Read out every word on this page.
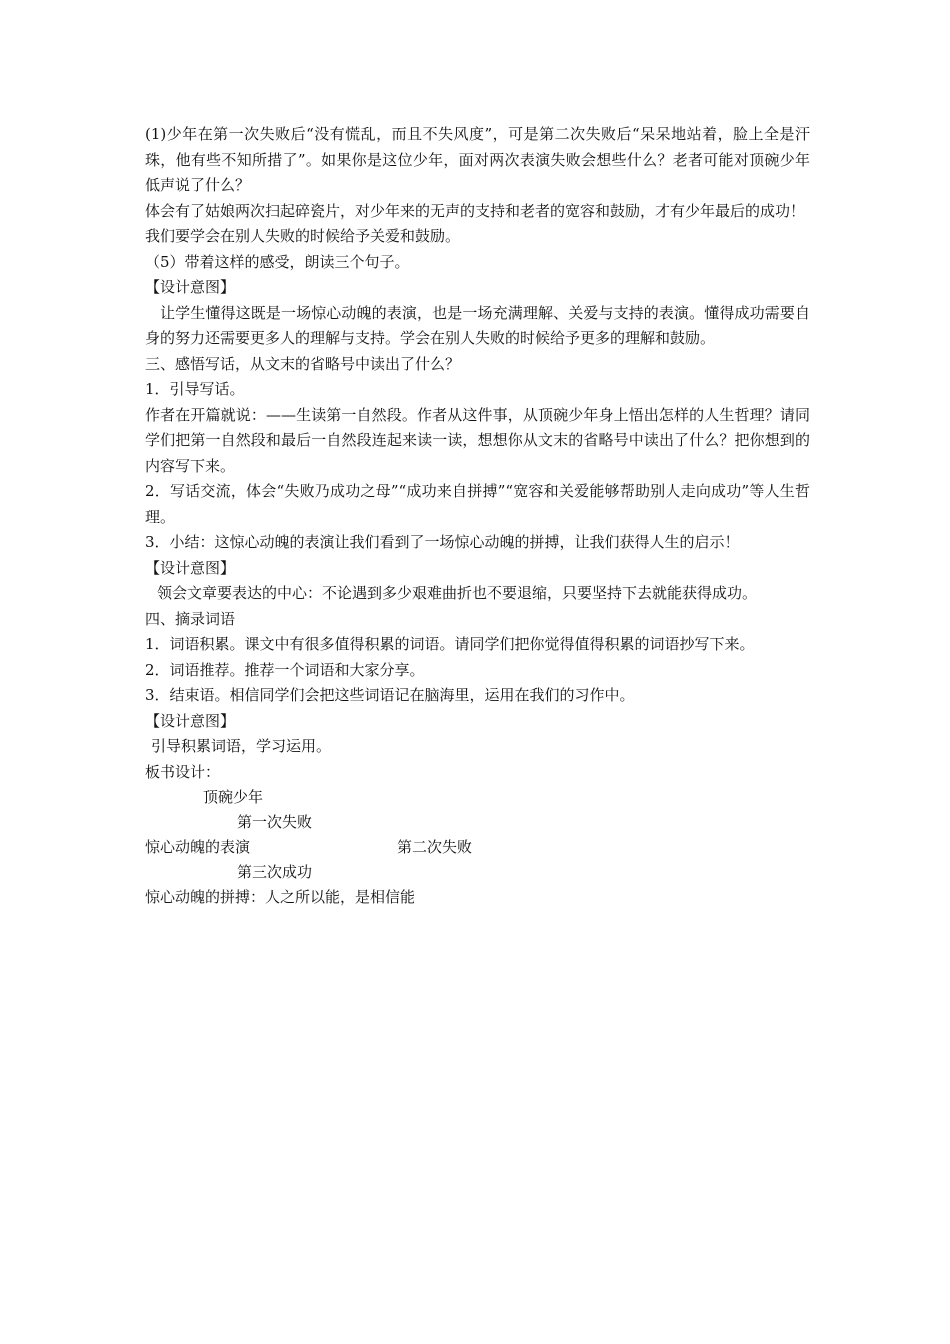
(1)少年在第一次失败后“没有慌乱，而且不失风度”，可是第二次失败后“呆呆地站着，脸上全是汗珠，他有些不知所措了”。如果你是这位少年，面对两次表演失败会想些什么？老者可能对顶碗少年低声说了什么？
体会有了姑娘两次扫起碎瓷片，对少年来的无声的支持和老者的宽容和鼓励，才有少年最后的成功！
我们要学会在别人失败的时候给予关爱和鼓励。
（5）带着这样的感受，朗读三个句子。
【设计意图】
让学生懂得这既是一场惊心动魄的表演，也是一场充满理解、关爱与支持的表演。懂得成功需要自身的努力还需要更多人的理解与支持。学会在别人失败的时候给予更多的理解和鼓励。
三、感悟写话，从文末的省略号中读出了什么？
1．引导写话。
作者在开篇就说：——生读第一自然段。作者从这件事，从顶碗少年身上悟出怎样的人生哲理？请同学们把第一自然段和最后一自然段连起来读一读，想想你从文末的省略号中读出了什么？把你想到的内容写下来。
2．写话交流，体会“失败乃成功之母”“成功来自拼搏”“宽容和关爱能够帮助别人走向成功”等人生哲理。
3．小结：这惊心动魄的表演让我们看到了一场惊心动魄的拼搏，让我们获得人生的启示！
【设计意图】
领会文章要表达的中心：不论遇到多少艰难曲折也不要退缩，只要坚持下去就能获得成功。
四、摘录词语
1．词语积累。课文中有很多值得积累的词语。请同学们把你觉得值得积累的词语抄写下来。
2．词语推荐。推荐一个词语和大家分享。
3．结束语。相信同学们会把这些词语记在脑海里，运用在我们的习作中。
【设计意图】
引导积累词语，学习运用。
板书设计：
顶碗少年
第一次失败
惊心动魄的表演	第二次失败
第三次成功
惊心动魄的拼搏：人之所以能，是相信能
